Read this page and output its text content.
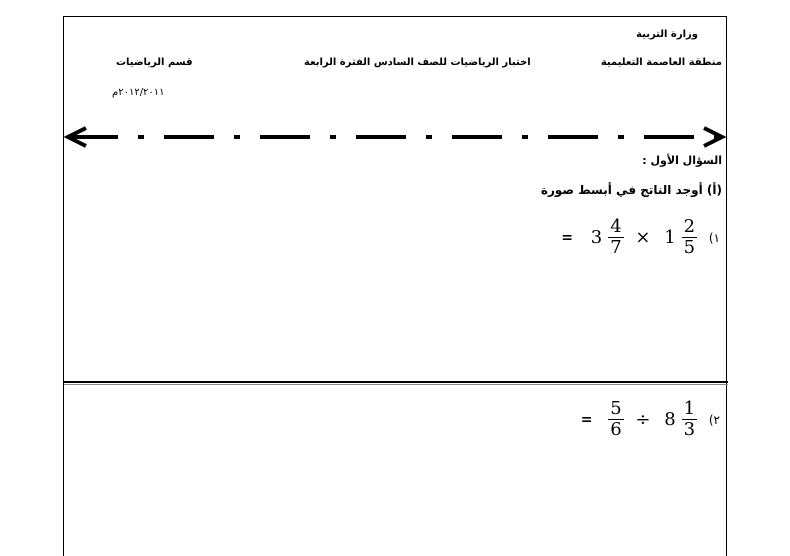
وزارة التربية
منطقة العاصمة التعليمية
اختبار الرياضيات للصف السادس الفترة الرابعة
قسم الرياضيات
٢٠١٢/٢٠١١م
السؤال الأول :
(أ) أوجد الناتج في أبسط صورة
= $3 \frac{4}{7} \times 1 \frac{2}{5}$ (١
= $\frac{5}{6} \div 8 \frac{1}{3}$ (٢
